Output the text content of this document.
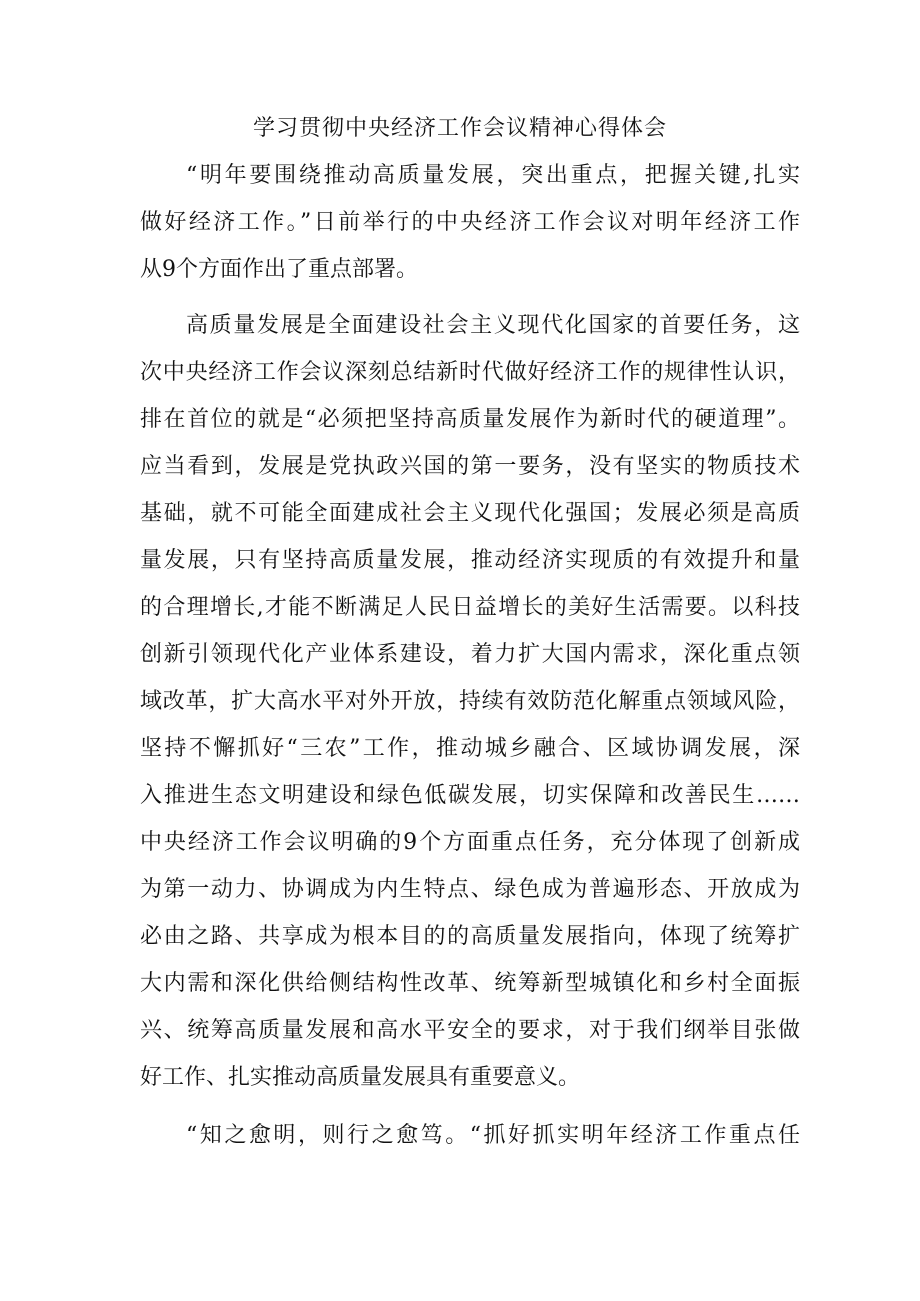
学习贯彻中央经济工作会议精神心得体会
“明年要围绕推动高质量发展，突出重点，把握关键,扎实
做好经济工作。”日前举行的中央经济工作会议对明年经济工作
从9个方面作出了重点部署。
高质量发展是全面建设社会主义现代化国家的首要任务，这
次中央经济工作会议深刻总结新时代做好经济工作的规律性认识，
排在首位的就是“必须把坚持高质量发展作为新时代的硬道理”。
应当看到，发展是党执政兴国的第一要务，没有坚实的物质技术
基础，就不可能全面建成社会主义现代化强国；发展必须是高质
量发展，只有坚持高质量发展，推动经济实现质的有效提升和量
的合理增长,才能不断满足人民日益增长的美好生活需要。以科技
创新引领现代化产业体系建设，着力扩大国内需求，深化重点领
域改革，扩大高水平对外开放，持续有效防范化解重点领域风险，
坚持不懈抓好“三农”工作，推动城乡融合、区域协调发展，深
入推进生态文明建设和绿色低碳发展，切实保障和改善民生……
中央经济工作会议明确的9个方面重点任务，充分体现了创新成
为第一动力、协调成为内生特点、绿色成为普遍形态、开放成为
必由之路、共享成为根本目的的高质量发展指向，体现了统筹扩
大内需和深化供给侧结构性改革、统筹新型城镇化和乡村全面振
兴、统筹高质量发展和高水平安全的要求，对于我们纲举目张做
好工作、扎实推动高质量发展具有重要意义。
“知之愈明，则行之愈笃。“抓好抓实明年经济工作重点任
